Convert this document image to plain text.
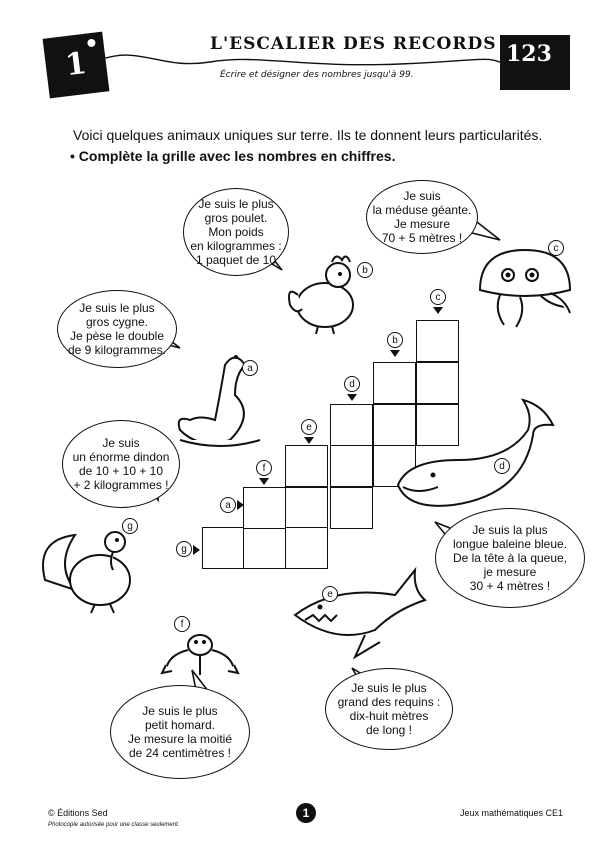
1
L'ESCALIER DES RECORDS
Écrire et désigner des nombres jusqu'à 99.
123
Voici quelques animaux uniques sur terre. Ils te donnent leurs particularités.
• Complète la grille avec les nombres en chiffres.
Je suis le plus
gros poulet.
Mon poids
en kilogrammes :
1 paquet de 10
Je suis
la méduse géante.
Je mesure
70 + 5 mètres !
Je suis le plus
gros cygne.
Je pèse le double
de 9 kilogrammes.
Je suis
un énorme dindon
de 10 + 10 + 10
+ 2 kilogrammes !
Je suis la plus
longue baleine bleue.
De la tête à la queue,
je mesure
30 + 4 mètres !
Je suis le plus
petit homard.
Je mesure la moitié
de 24 centimètres !
Je suis le plus
grand des requins :
dix-huit mètres
de long !
g
a
f
e
d
b
c
b
c
a
d
e
f
g
© Éditions Sed
Photocopie autorisée pour une classe seulement.
1	Jeux mathématiques CE1
